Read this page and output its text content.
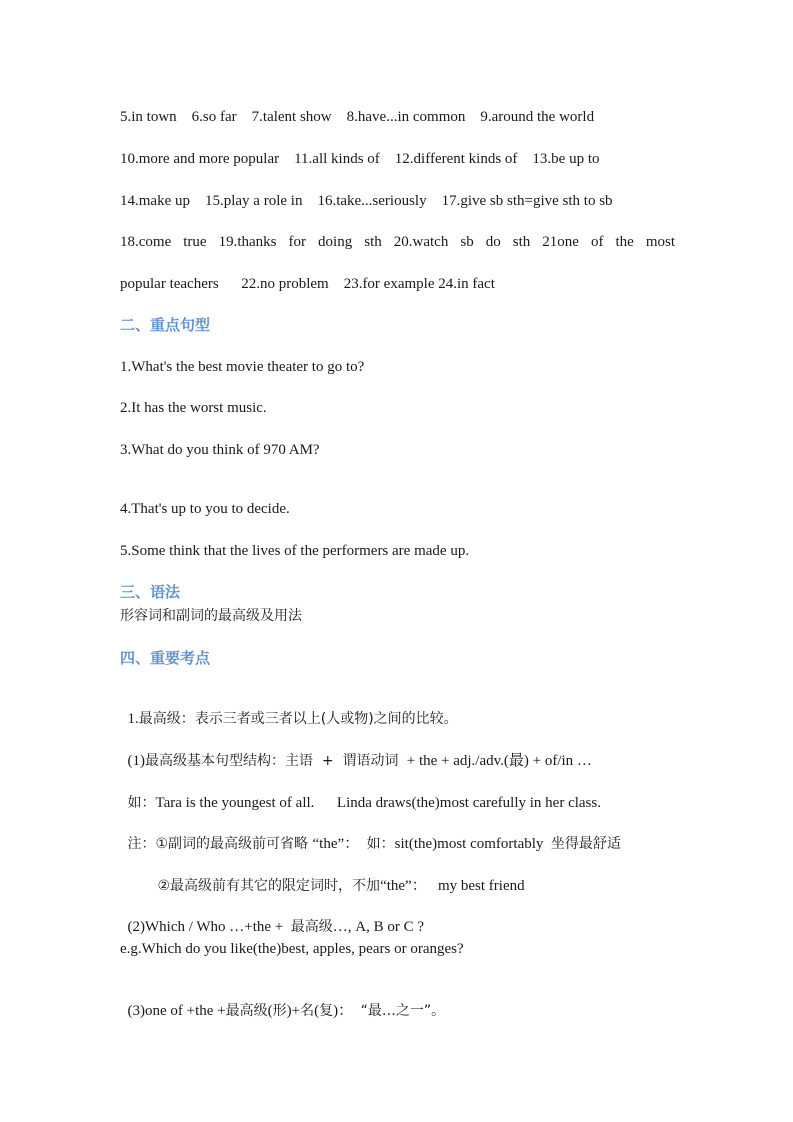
5.in town    6.so far    7.talent show    8.have...in common    9.around the world
10.more and more popular    11.all kinds of    12.different kinds of    13.be up to
14.make up    15.play a role in    16.take...seriously    17.give sb sth=give sth to sb
18.come true 19.thanks for doing sth 20.watch sb do sth 21one of the most
popular teachers      22.no problem    23.for example 24.in fact
二、重点句型
1.What's the best movie theater to go to?
2.It has the worst music.
3.What do you think of 970 AM?
4.That's up to you to decide.
5.Some think that the lives of the performers are made up.
三、语法
形容词和副词的最高级及用法
四、重要考点

1.最高级：表示三者或三者以上(人或物)之间的比较。

(1)最高级基本句型结构：主语  +  谓语动词  + the + adj./adv.(最) + of/in …

如：Tara is the youngest of all.      Linda draws(the)most carefully in her class.

注：①副词的最高级前可省略 “the”：  如：sit(the)most comfortably  坐得最舒适

②最高级前有其它的限定词时，不加“the”：   my best friend

(2)Which / Who …+the +  最高级…, A, B or C ?

e.g.Which do you like(the)best, apples, pears or oranges?

(3)one of +the +最高级(形)+名(复)：  “最…之一”。
